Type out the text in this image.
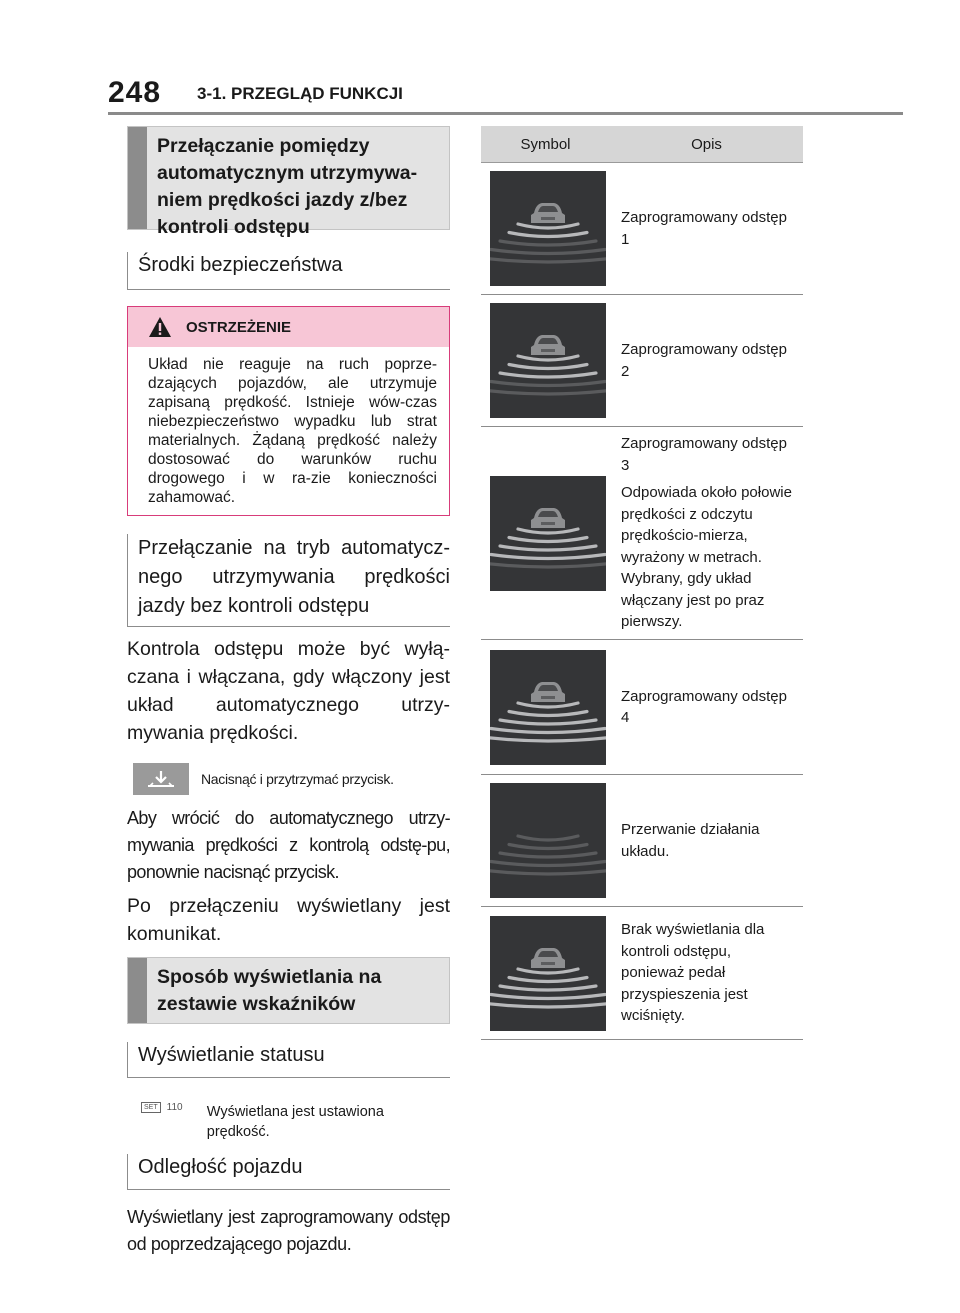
248 3-1. PRZEGLĄD FUNKCJI
Przełączanie pomiędzy automatycznym utrzymywa-niem prędkości jazdy z/bez kontroli odstępu
Środki bezpieczeństwa
OSTRZEŻENIE
Układ nie reaguje na ruch poprze-dzających pojazdów, ale utrzymuje zapisaną prędkość. Istnieje wów-czas niebezpieczeństwo wypadku lub strat materialnych. Żądaną prędkość należy dostosować do warunków ruchu drogowego i w ra-zie konieczności zahamować.
Przełączanie na tryb automatycz-nego utrzymywania prędkości jazdy bez kontroli odstępu

Kontrola odstępu może być wyłą-czana i włączana, gdy włączony jest układ automatycznego utrzy-mywania prędkości.

Nacisnąć i przytrzymać przycisk.

Aby wrócić do automatycznego utrzy-mywania prędkości z kontrolą odstę-pu, ponownie nacisnąć przycisk.

Po przełączeniu wyświetlany jest komunikat.

Sposób wyświetlania na zestawie wskaźników
Wyświetlanie statusu
SET 110 Wyświetlana jest ustawiona prędkość.
Odległość pojazdu

Wyświetlany jest zaprogramowany odstęp od poprzedzającego pojazdu.

Symbol	Opis

Zaprogramowany odstęp 1

Zaprogramowany odstęp 2

Zaprogramowany odstęp 3

Odpowiada około połowie prędkości z odczytu prędkościo-mierza, wyrażony w metrach. Wybrany, gdy układ włączany jest po praz pierwszy.

Zaprogramowany odstęp 4

Przerwanie działania układu.

Brak wyświetlania dla kontroli odstępu, ponieważ pedał przyspieszenia jest wciśnięty.
